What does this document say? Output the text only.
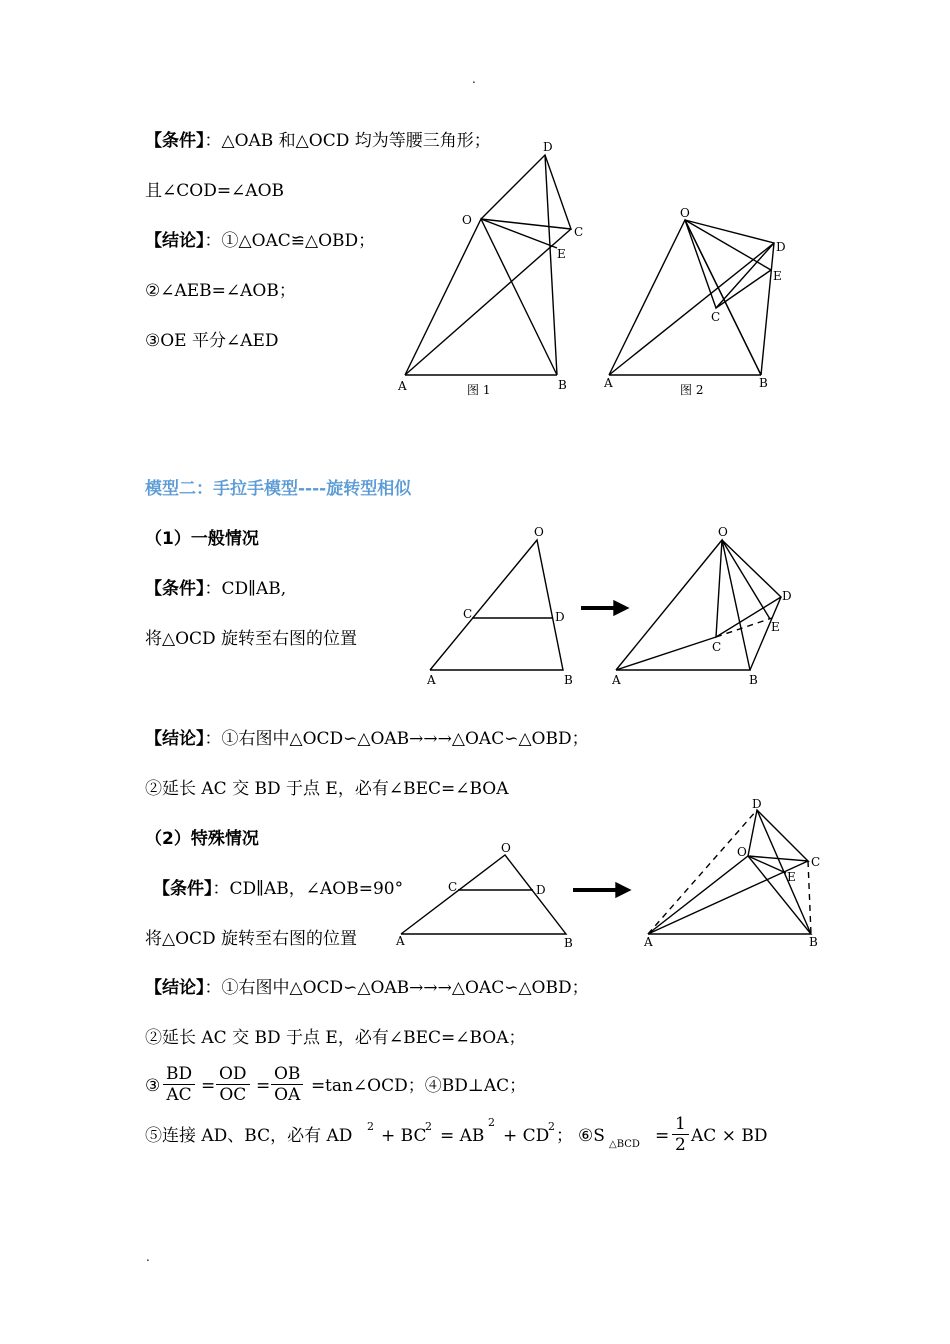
.
.
【条件】：△OAB 和△OCD 均为等腰三角形；
且∠COD=∠AOB
【结论】：①△OAC≌△OBD；
②∠AEB=∠AOB；
③OE 平分∠AED
A	B
O
C
D
E
图 1	A	B
O
C
D
E
图 2
A	B
O
C	D
A	B
O
C
D
E
A	B
O
C	D
A	B
O
C
D
E
模型二：手拉手模型----旋转型相似
（1）一般情况
【条件】：CD∥AB,
将△OCD 旋转至右图的位置
【结论】：①右图中△OCD∽△OAB→→→△OAC∽△OBD；
②延长 AC 交 BD 于点 E，必有∠BEC=∠BOA
（2）特殊情况
【条件】：CD∥AB，∠AOB=90°
将△OCD 旋转至右图的位置
【结论】：①右图中△OCD∽△OAB→→→△OAC∽△OBD；
②延长 AC 交 BD 于点 E，必有∠BEC=∠BOA；
③ $\frac{BD}{AC} = \frac{OD}{OC} = \frac{OB}{OA}$ = tan∠OCD；④BD⊥AC；
⑤连接 AD、BC，必有 AD 2 + BC
2 = AB
2
+ CD
2 ； ⑥S △BCD = $\frac{1}{2}$ AC × BD
